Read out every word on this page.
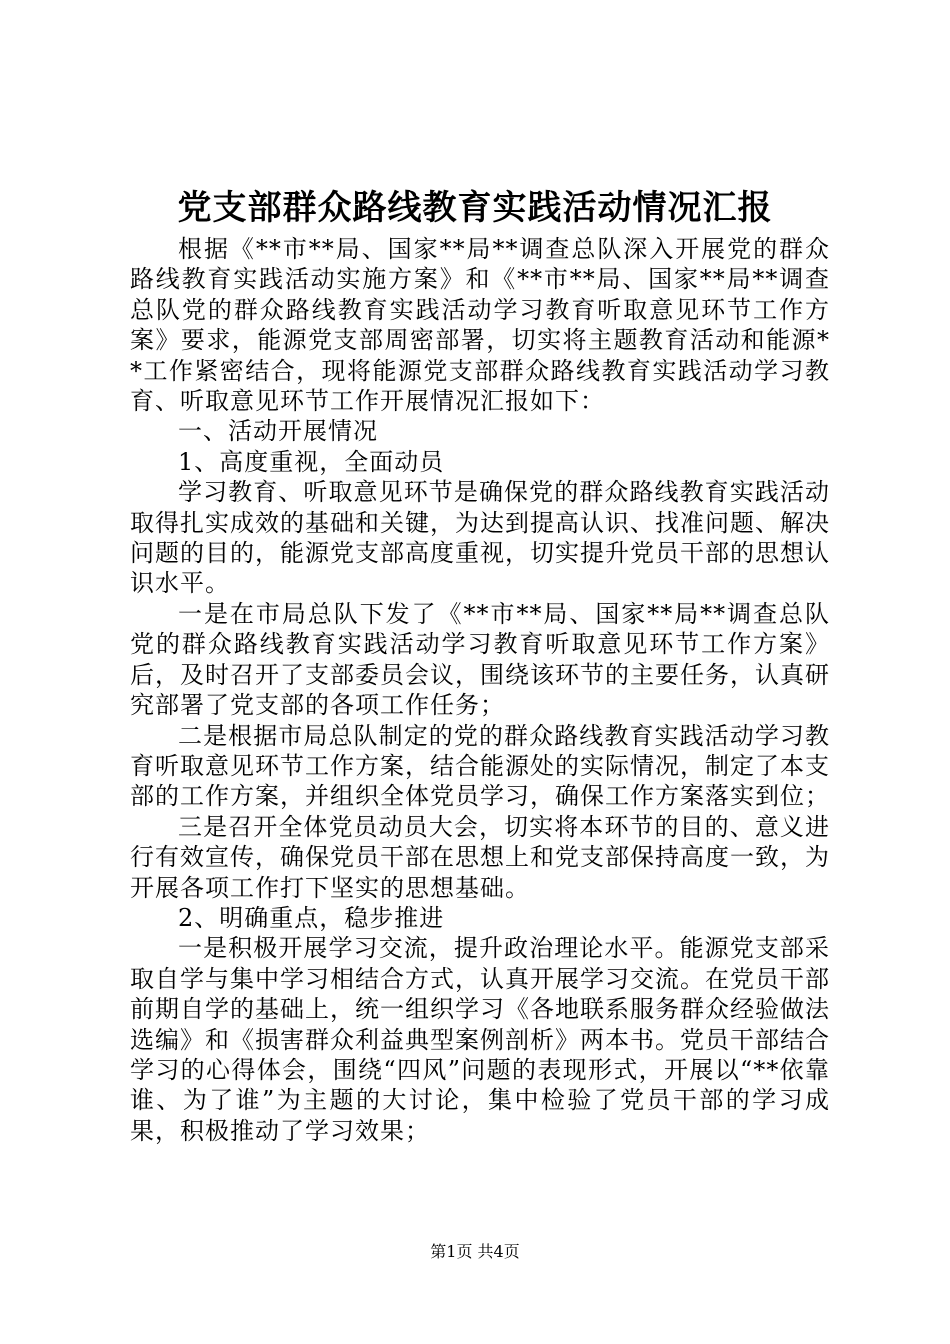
党支部群众路线教育实践活动情况汇报

根据《**市**局、国家**局**调查总队深入开展党的群众路线教育实践活动实施方案》和《**市**局、国家**局**调查总队党的群众路线教育实践活动学习教育听取意见环节工作方案》要求，能源党支部周密部署，切实将主题教育活动和能源**工作紧密结合，现将能源党支部群众路线教育实践活动学习教育、听取意见环节工作开展情况汇报如下：

一、活动开展情况

1、高度重视，全面动员

学习教育、听取意见环节是确保党的群众路线教育实践活动取得扎实成效的基础和关键，为达到提高认识、找准问题、解决问题的目的，能源党支部高度重视，切实提升党员干部的思想认识水平。

一是在市局总队下发了《**市**局、国家**局**调查总队党的群众路线教育实践活动学习教育听取意见环节工作方案》后，及时召开了支部委员会议，围绕该环节的主要任务，认真研究部署了党支部的各项工作任务；

二是根据市局总队制定的党的群众路线教育实践活动学习教育听取意见环节工作方案，结合能源处的实际情况，制定了本支部的工作方案，并组织全体党员学习，确保工作方案落实到位；

三是召开全体党员动员大会，切实将本环节的目的、意义进行有效宣传，确保党员干部在思想上和党支部保持高度一致，为开展各项工作打下坚实的思想基础。

2、明确重点，稳步推进

一是积极开展学习交流，提升政治理论水平。能源党支部采取自学与集中学习相结合方式，认真开展学习交流。在党员干部前期自学的基础上，统一组织学习《各地联系服务群众经验做法选编》和《损害群众利益典型案例剖析》两本书。党员干部结合学习的心得体会，围绕“四风”问题的表现形式，开展以“**依靠谁、为了谁”为主题的大讨论，集中检验了党员干部的学习成果，积极推动了学习效果；

第1页 共4页
